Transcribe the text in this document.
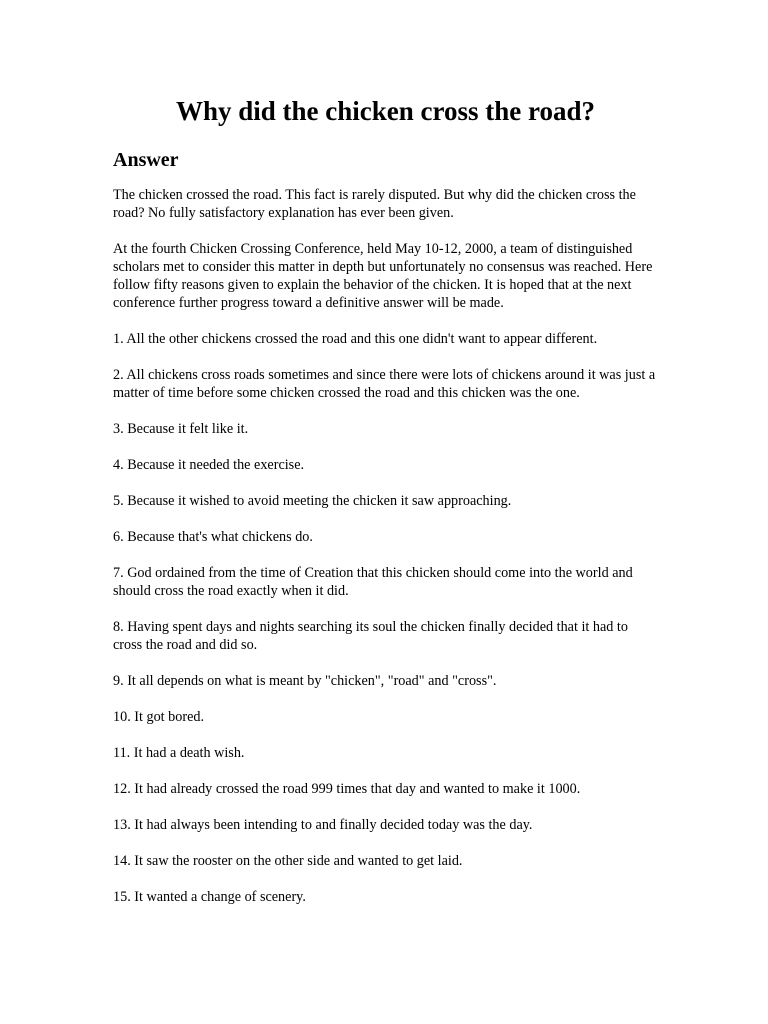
Why did the chicken cross the road?
Answer

The chicken crossed the road. This fact is rarely disputed. But why did the chicken cross the road? No fully satisfactory explanation has ever been given.

At the fourth Chicken Crossing Conference, held May 10-12, 2000, a team of distinguished scholars met to consider this matter in depth but unfortunately no consensus was reached. Here follow fifty reasons given to explain the behavior of the chicken. It is hoped that at the next conference further progress toward a definitive answer will be made.

1. All the other chickens crossed the road and this one didn't want to appear different.
2. All chickens cross roads sometimes and since there were lots of chickens around it was just a matter of time before some chicken crossed the road and this chicken was the one.
3. Because it felt like it.
4. Because it needed the exercise.
5. Because it wished to avoid meeting the chicken it saw approaching.
6. Because that's what chickens do.
7. God ordained from the time of Creation that this chicken should come into the world and should cross the road exactly when it did.
8. Having spent days and nights searching its soul the chicken finally decided that it had to cross the road and did so.
9. It all depends on what is meant by "chicken", "road" and "cross".
10. It got bored.
11. It had a death wish.
12. It had already crossed the road 999 times that day and wanted to make it 1000.
13. It had always been intending to and finally decided today was the day.
14. It saw the rooster on the other side and wanted to get laid.
15. It wanted a change of scenery.
